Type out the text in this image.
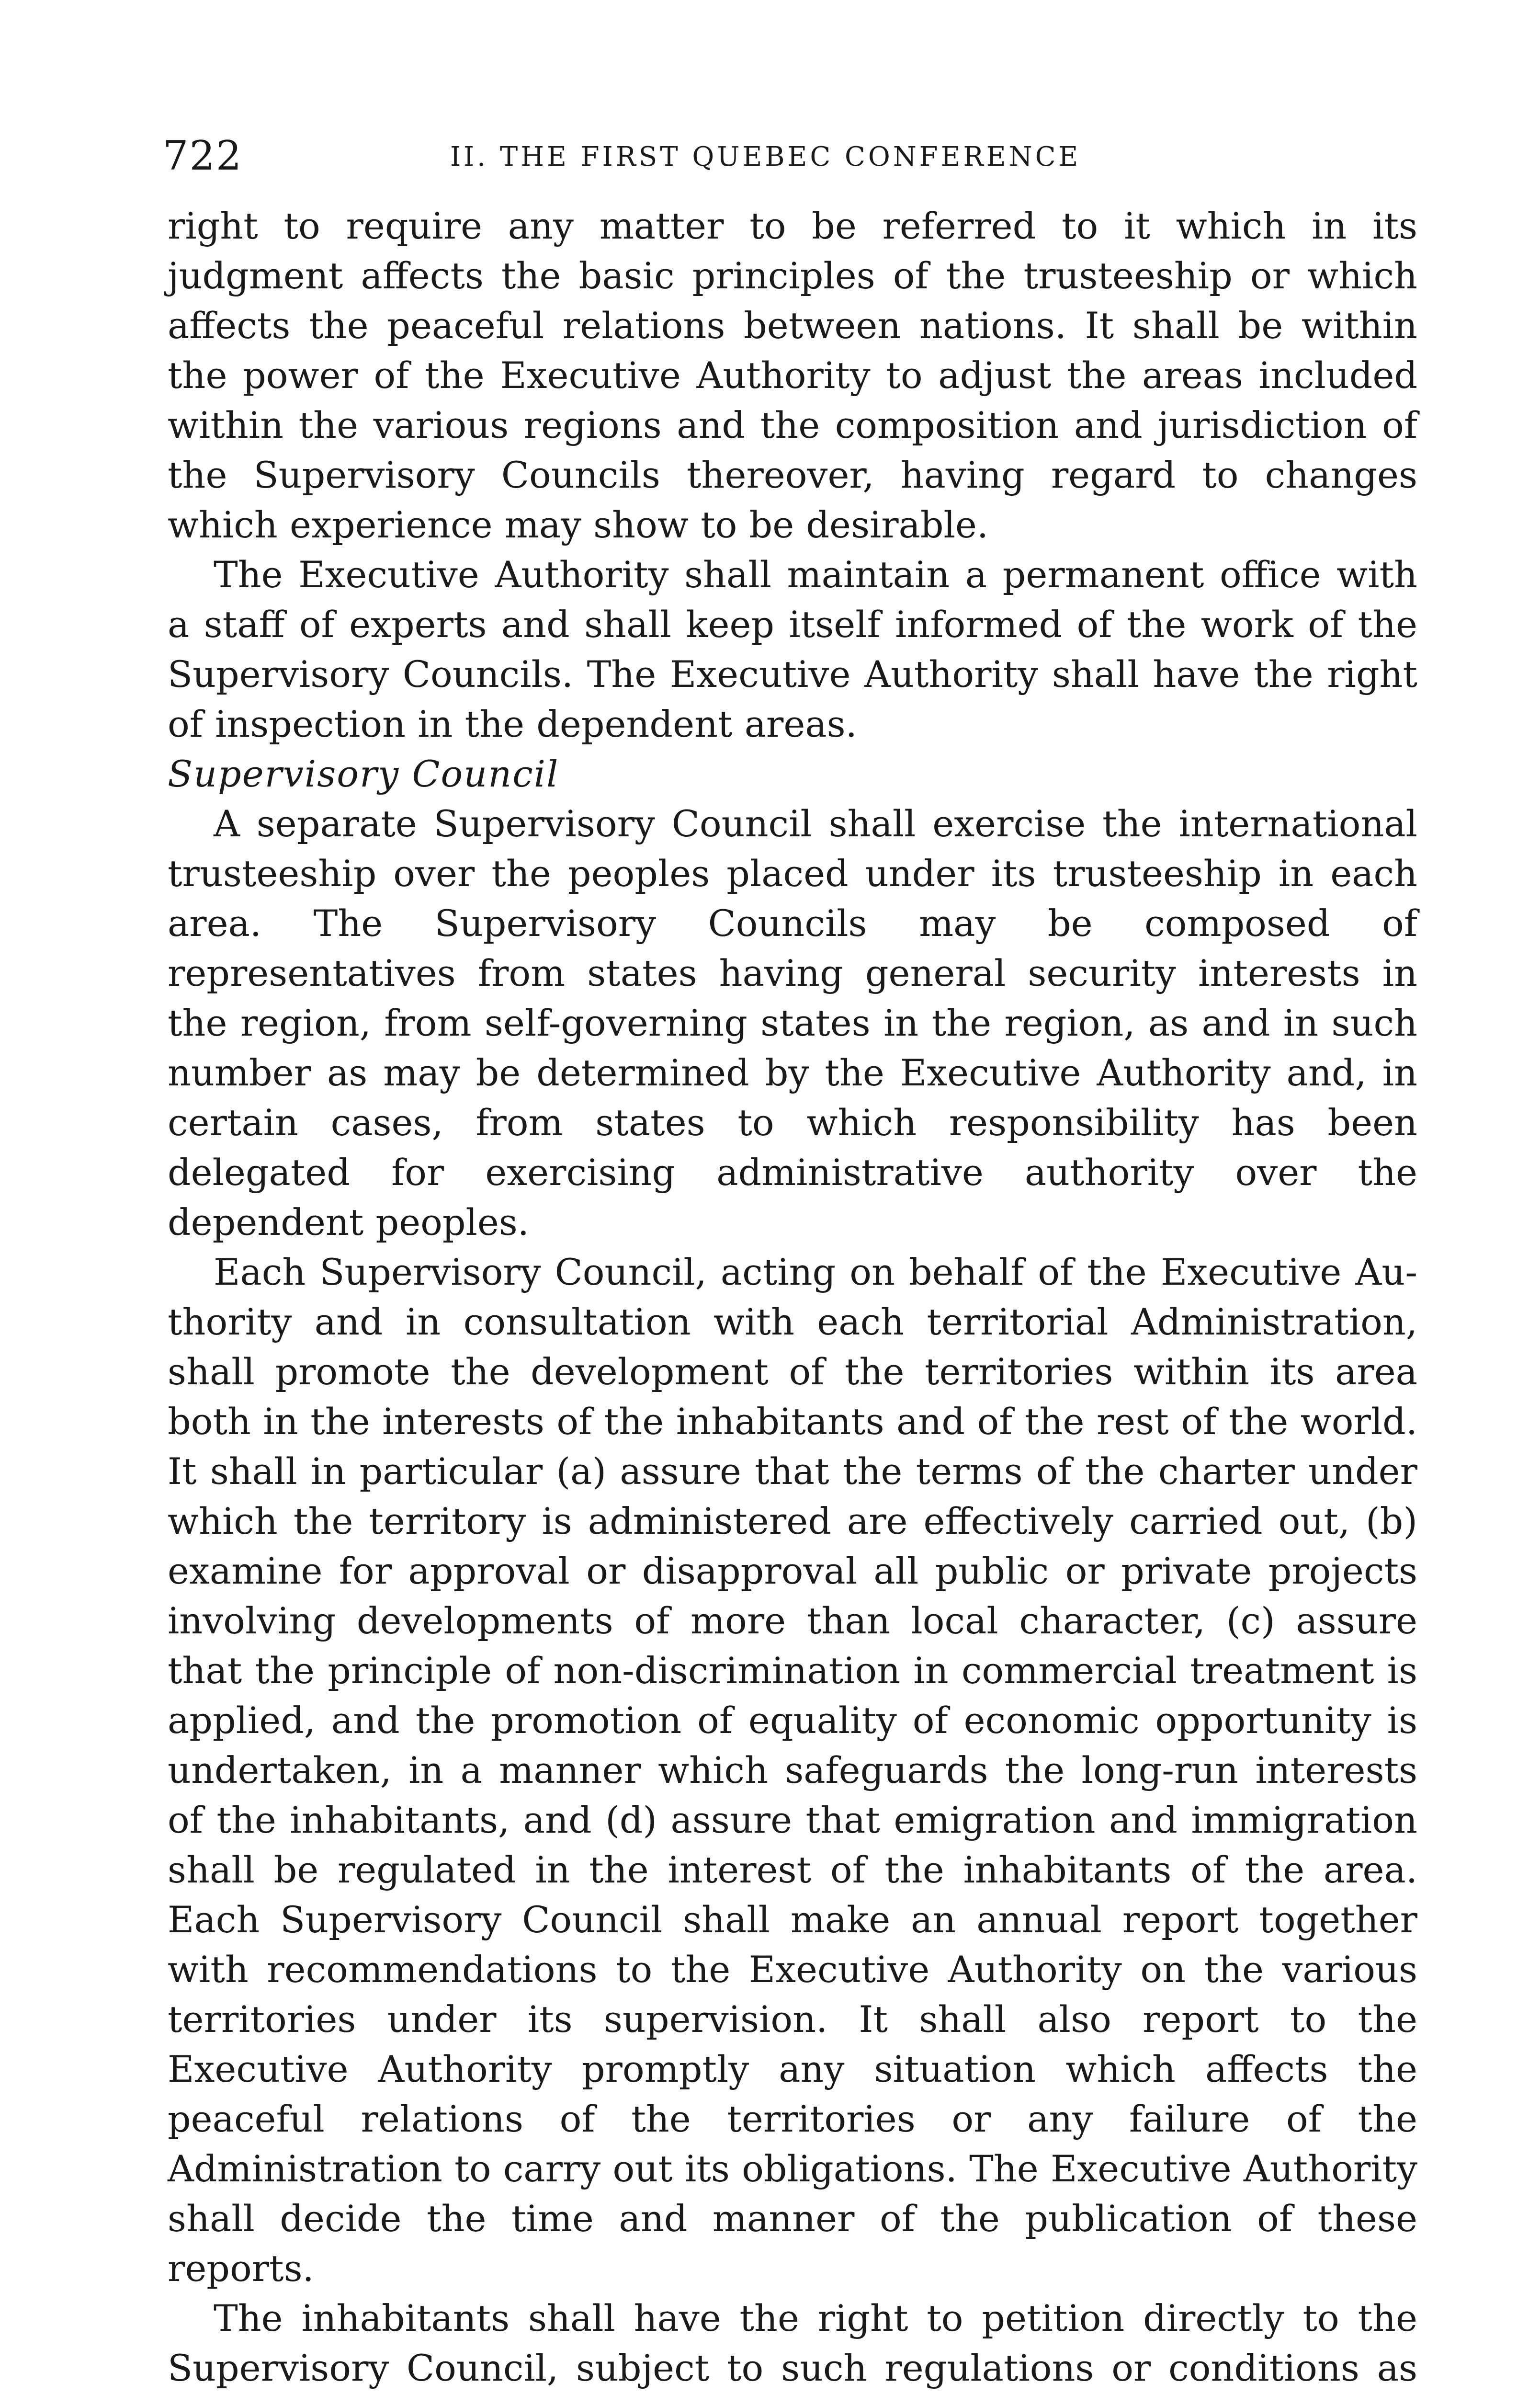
722	II. THE FIRST QUEBEC CONFERENCE

right to require any matter to be referred to it which in its judgment affects the basic principles of the trusteeship or which affects the peaceful relations between nations. It shall be within the power of the Executive Authority to adjust the areas included within the various regions and the composition and jurisdiction of the Supervisory Councils thereover, having regard to changes which experience may show to be desirable.

The Executive Authority shall maintain a permanent office with a staff of experts and shall keep itself informed of the work of the Supervisory Councils. The Executive Authority shall have the right of inspection in the dependent areas.

Supervisory Council

A separate Supervisory Council shall exercise the international trusteeship over the peoples placed under its trusteeship in each area. The Supervisory Councils may be composed of representatives from states having general security interests in the region, from self-governing states in the region, as and in such number as may be determined by the Executive Authority and, in certain cases, from states to which responsibility has been delegated for exercising administrative authority over the dependent peoples.

Each Supervisory Council, acting on behalf of the Executive Authority and in consultation with each territorial Administration, shall promote the development of the territories within its area both in the interests of the inhabitants and of the rest of the world. It shall in particular (a) assure that the terms of the charter under which the territory is administered are effectively carried out, (b) examine for approval or disapproval all public or private projects involving developments of more than local character, (c) assure that the principle of non-discrimination in commercial treatment is applied, and the promotion of equality of economic opportunity is undertaken, in a manner which safeguards the long-run interests of the inhabitants, and (d) assure that emigration and immigration shall be regulated in the interest of the inhabitants of the area. Each Supervisory Council shall make an annual report together with recommendations to the Executive Authority on the various territories under its supervision. It shall also report to the Executive Authority promptly any situation which affects the peaceful relations of the territories or any failure of the Administration to carry out its obligations. The Executive Authority shall decide the time and manner of the publication of these reports.

The inhabitants shall have the right to petition directly to the Supervisory Council, subject to such regulations or conditions as
